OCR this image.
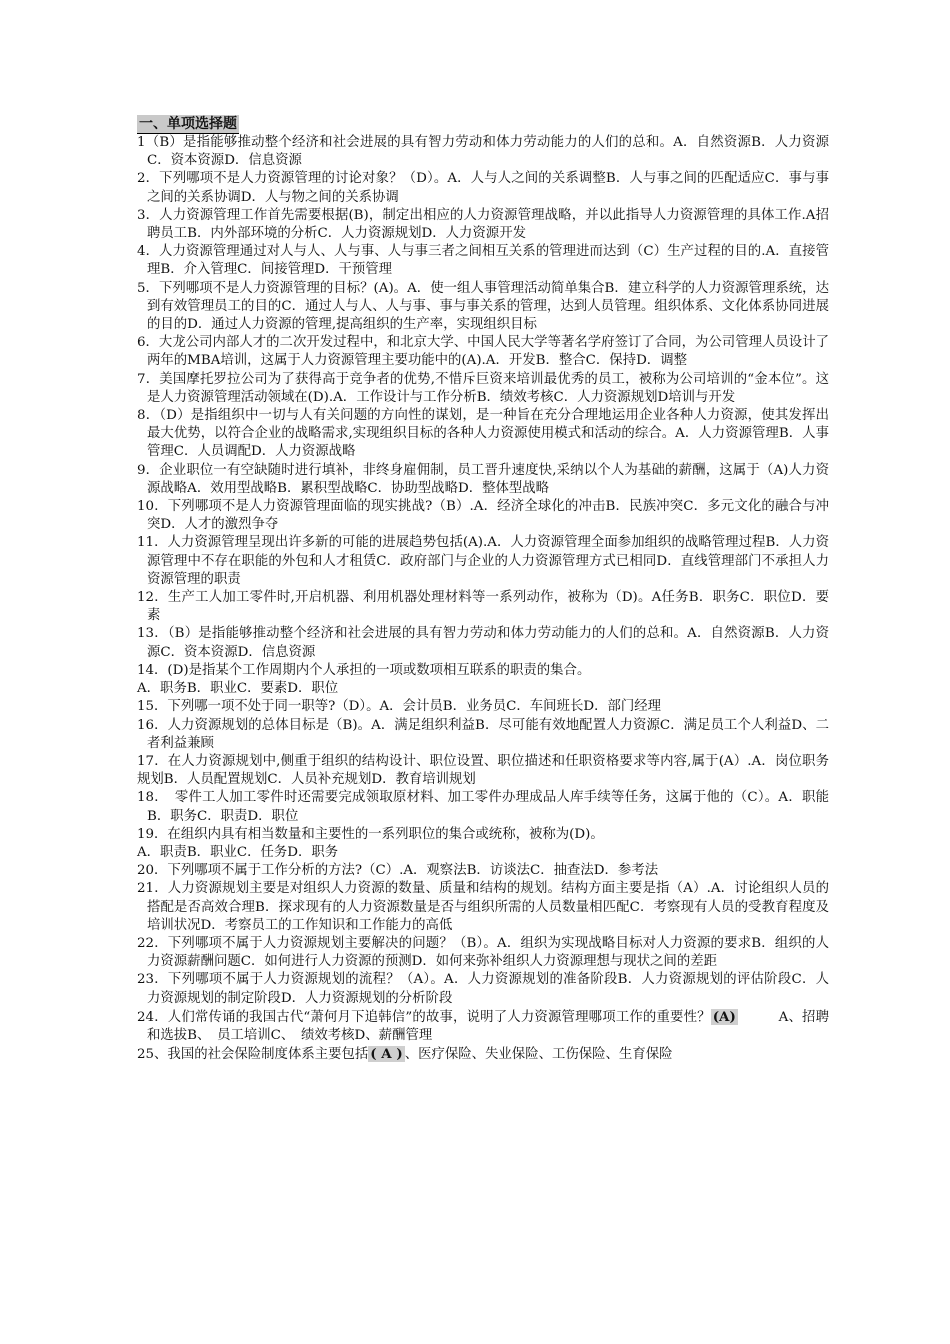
一、单项选择题

1（B）是指能够推动整个经济和社会进展的具有智力劳动和体力劳动能力的人们的总和。A．自然资源B．人力资源C．资本资源D．信息资源

2．下列哪项不是人力资源管理的讨论对象？（D）。A．人与人之间的关系调整B．人与事之间的匹配适应C．事与事之间的关系协调D．人与物之间的关系协调

3．人力资源管理工作首先需要根据(B)，制定出相应的人力资源管理战略，并以此指导人力资源管理的具体工作.A招聘员工B．内外部环境的分析C．人力资源规划D．人力资源开发

4．人力资源管理通过对人与人、人与事、人与事三者之间相互关系的管理进而达到（C）生产过程的目的.A．直接管理B．介入管理C．间接管理D．干预管理

5．下列哪项不是人力资源管理的目标？(A)。A．使一组人事管理活动简单集合B．建立科学的人力资源管理系统，达到有效管理员工的目的C．通过人与人、人与事、事与事关系的管理，达到人员管理。组织体系、文化体系协同进展的目的D．通过人力资源的管理,提高组织的生产率，实现组织目标

6．大龙公司内部人才的二次开发过程中，和北京大学、中国人民大学等著名学府签订了合同，为公司管理人员设计了两年的MBA培训，这属于人力资源管理主要功能中的(A).A．开发B．整合C．保持D．调整

7．美国摩托罗拉公司为了获得高于竞争者的优势,不惜斥巨资来培训最优秀的员工，被称为公司培训的“金本位”。这是人力资源管理活动领域在(D).A．工作设计与工作分析B．绩效考核C．人力资源规划D培训与开发

8．（D）是指组织中一切与人有关问题的方向性的谋划，是一种旨在充分合理地运用企业各种人力资源，使其发挥出最大优势，以符合企业的战略需求,实现组织目标的各种人力资源使用模式和活动的综合。A．人力资源管理B．人事管理C．人员调配D．人力资源战略

9．企业职位一有空缺随时进行填补，非终身雇佣制，员工晋升速度快,采纳以个人为基础的薪酬，这属于（A)人力资源战略A．效用型战略B．累积型战略C．协助型战略D．整体型战略

10．下列哪项不是人力资源管理面临的现实挑战?（B）.A．经济全球化的冲击B．民族冲突C．多元文化的融合与冲突D．人才的激烈争夺

11．人力资源管理呈现出许多新的可能的进展趋势包括(A).A．人力资源管理全面参加组织的战略管理过程B．人力资源管理中不存在职能的外包和人才租赁C．政府部门与企业的人力资源管理方式已相同D．直线管理部门不承担人力资源管理的职责

12．生产工人加工零件时,开启机器、利用机器处理材料等一系列动作，被称为（D)。A任务B．职务C．职位D．要素

13．（B）是指能够推动整个经济和社会进展的具有智力劳动和体力劳动能力的人们的总和。A．自然资源B．人力资源C．资本资源D．信息资源

14．(D)是指某个工作周期内个人承担的一项或数项相互联系的职责的集合。

A．职务B．职业C．要素D．职位

15．下列哪一项不处于同一职等?（D）。A．会计员B．业务员C．车间班长D．部门经理

16．人力资源规划的总体目标是（B)。A．满足组织利益B．尽可能有效地配置人力资源C．满足员工个人利益D、二者利益兼顾

17．在人力资源规划中,侧重于组织的结构设计、职位设置、职位描述和任职资格要求等内容,属于(A）.A．岗位职务规划B．人员配置规划C．人员补充规划D．教育培训规划

18．　零件工人加工零件时还需要完成领取原材料、加工零件办理成品人库手续等任务，这属于他的（C）。A．职能B．职务C．职责D．职位

19．在组织内具有相当数量和主要性的一系列职位的集合或统称，被称为(D)。

A．职责B．职业C．任务D．职务

20．下列哪项不属于工作分析的方法?（C）.A．观察法B．访谈法C．抽查法D．参考法

21．人力资源规划主要是对组织人力资源的数量、质量和结构的规划。结构方面主要是指（A）.A．讨论组织人员的搭配是否高效合理B．探求现有的人力资源数量是否与组织所需的人员数量相匹配C．考察现有人员的受教育程度及培训状况D．考察员工的工作知识和工作能力的高低

22．下列哪项不属于人力资源规划主要解决的问题？（B）。A．组织为实现战略目标对人力资源的要求B．组织的人力资源薪酬问题C．如何进行人力资源的预测D．如何来弥补组织人力资源理想与现状之间的差距

23．下列哪项不属于人力资源规划的流程？（A）。A．人力资源规划的准备阶段B．人力资源规划的评估阶段C．人力资源规划的制定阶段D．人力资源规划的分析阶段

24．人们常传诵的我国古代“萧何月下追韩信”的故事，说明了人力资源管理哪项工作的重要性？ (A)　　　A、招聘和选拔B、　员工培训C、　绩效考核D、薪酬管理

25、我国的社会保险制度体系主要包括 ( A ) 、医疗保险、失业保险、工伤保险、生育保险
